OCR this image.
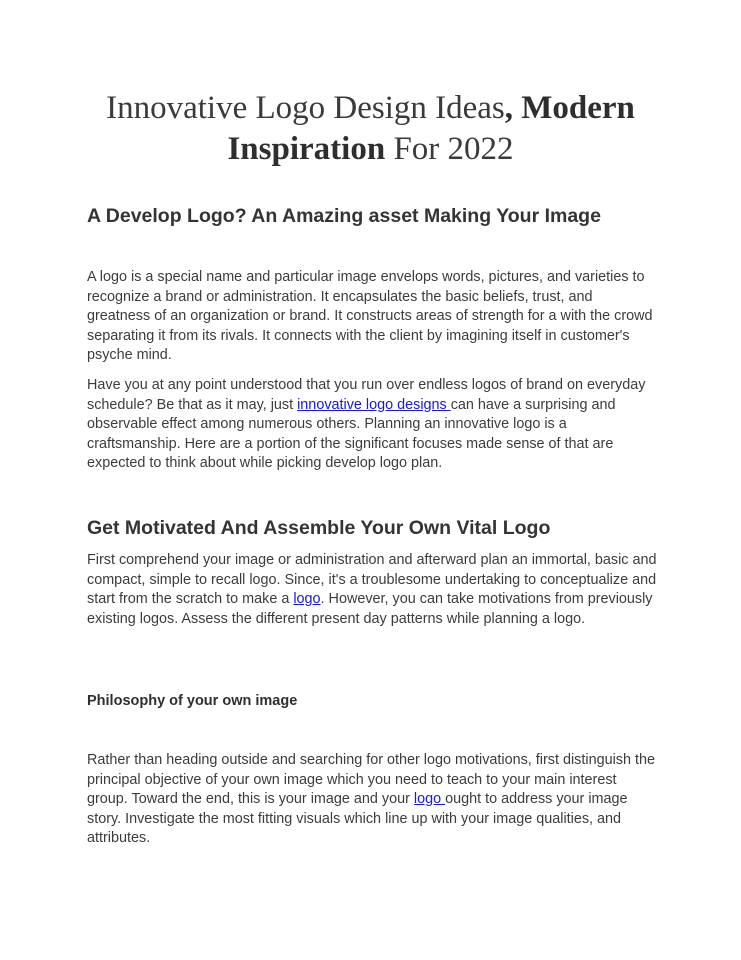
Innovative Logo Design Ideas, Modern Inspiration For 2022
A Develop Logo? An Amazing asset Making Your Image

A logo is a special name and particular image envelops words, pictures, and varieties to recognize a brand or administration. It encapsulates the basic beliefs, trust, and greatness of an organization or brand. It constructs areas of strength for a with the crowd separating it from its rivals. It connects with the client by imagining itself in customer's psyche mind.

Have you at any point understood that you run over endless logos of brand on everyday schedule? Be that as it may, just innovative logo designs can have a surprising and observable effect among numerous others. Planning an innovative logo is a craftsmanship. Here are a portion of the significant focuses made sense of that are expected to think about while picking develop logo plan.

Get Motivated And Assemble Your Own Vital Logo

First comprehend your image or administration and afterward plan an immortal, basic and compact, simple to recall logo. Since, it's a troublesome undertaking to conceptualize and start from the scratch to make a logo. However, you can take motivations from previously existing logos. Assess the different present day patterns while planning a logo.

Philosophy of your own image

Rather than heading outside and searching for other logo motivations, first distinguish the principal objective of your own image which you need to teach to your main interest group. Toward the end, this is your image and your logo ought to address your image story. Investigate the most fitting visuals which line up with your image qualities, and attributes.
